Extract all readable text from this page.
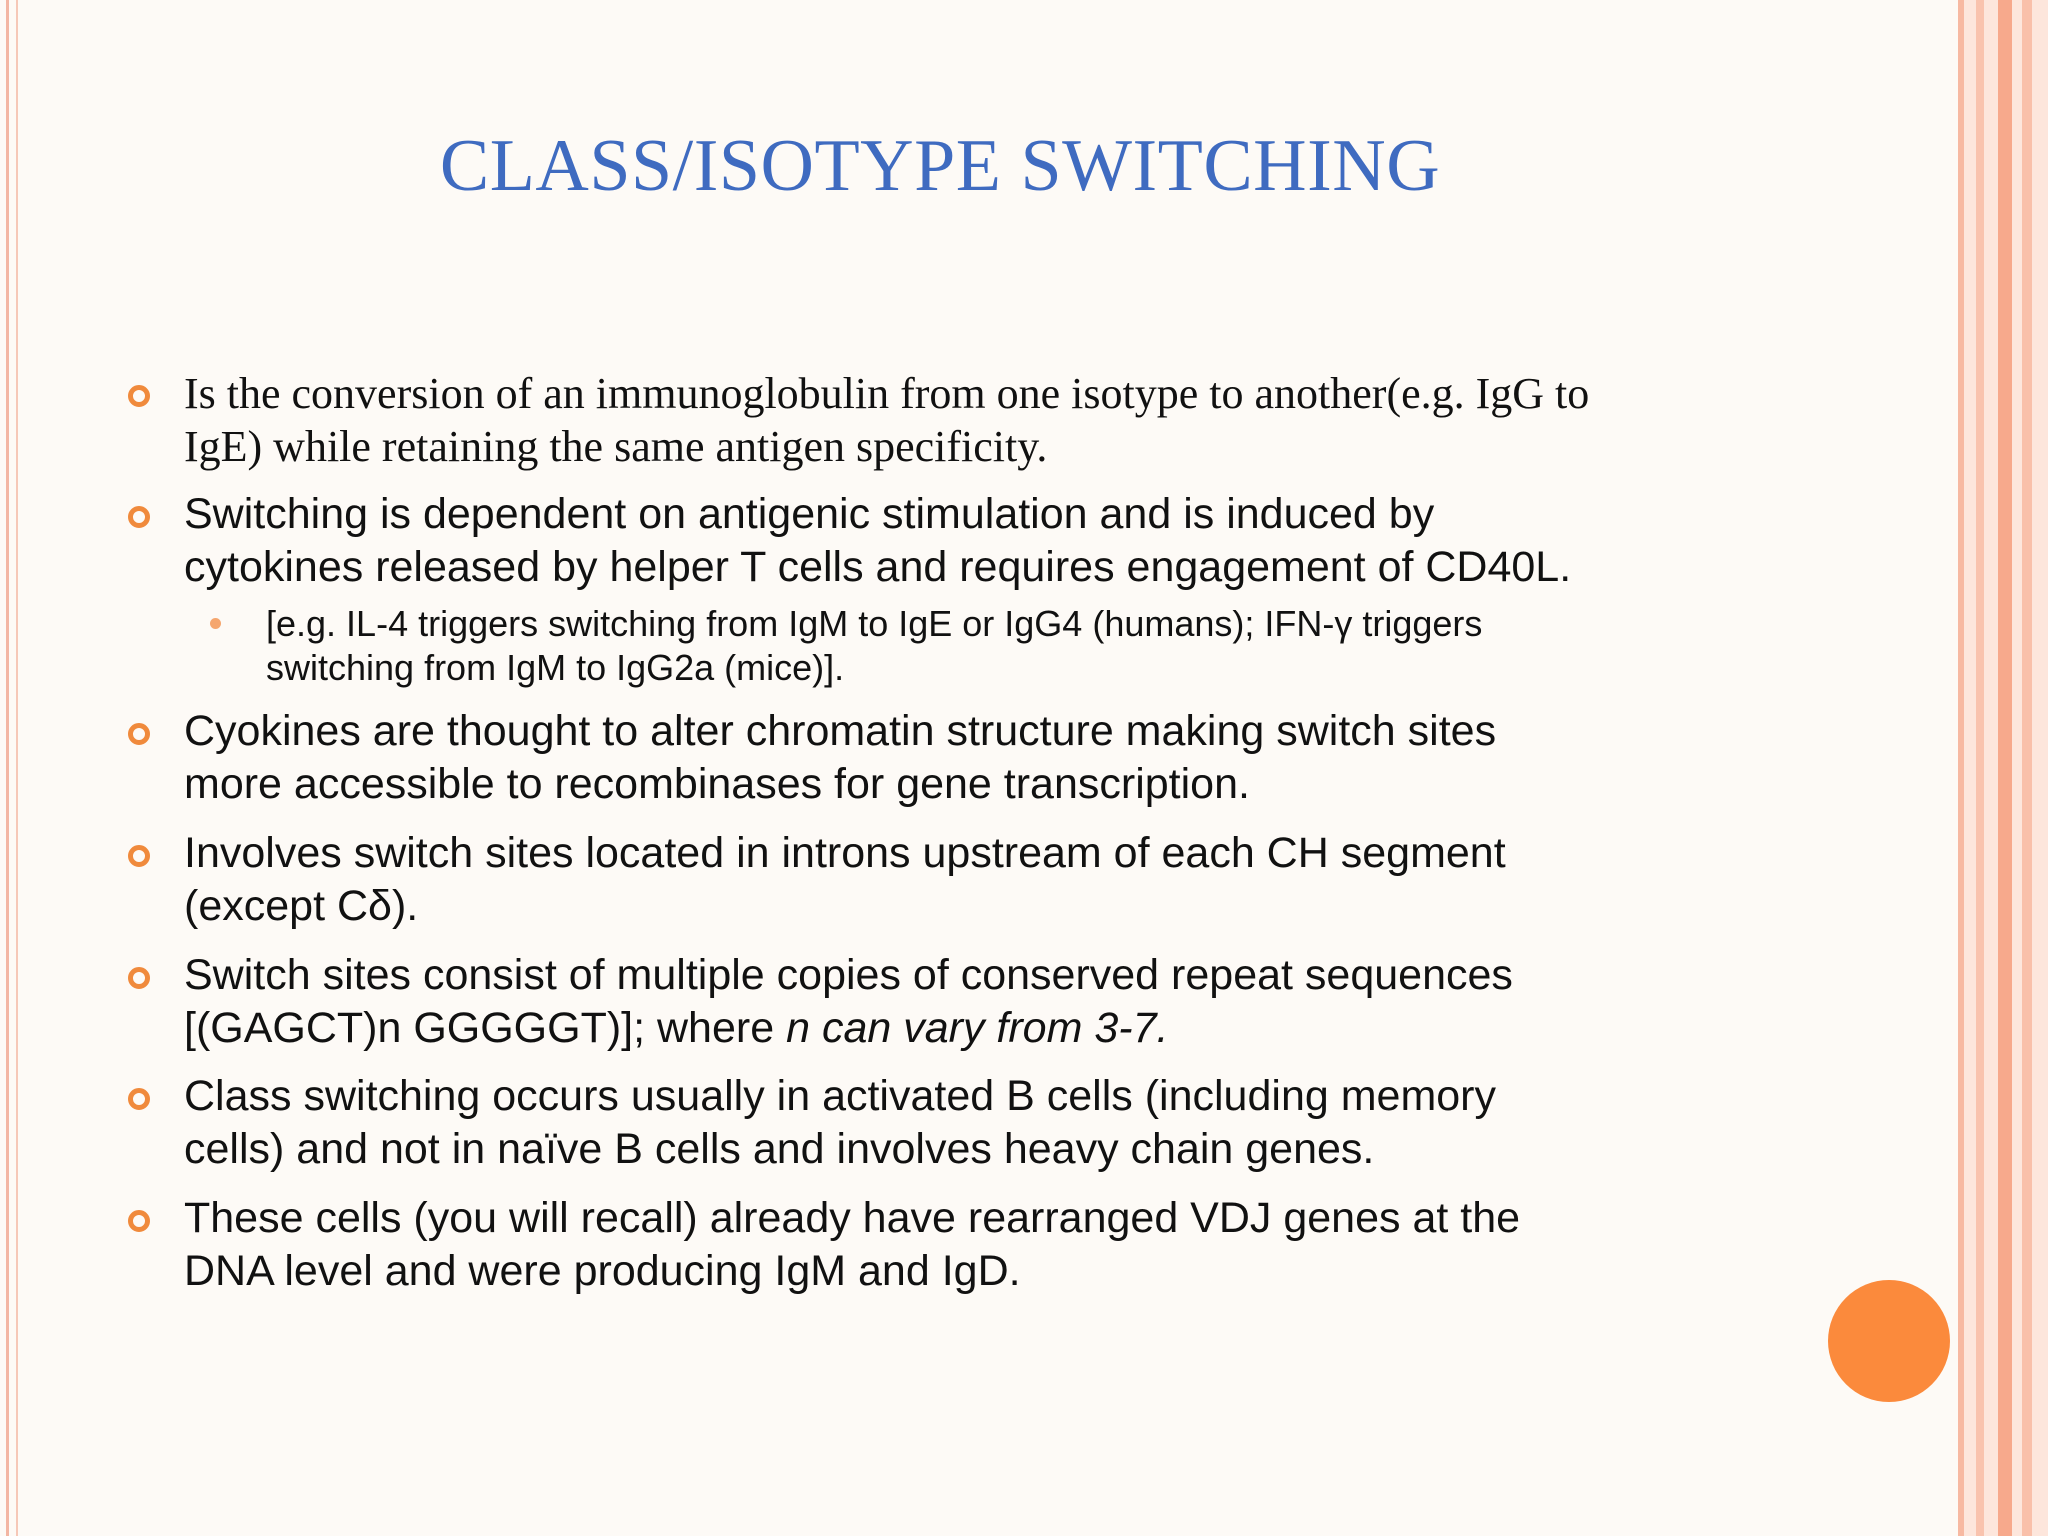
CLASS/ISOTYPE SWITCHING
Is the conversion of an immunoglobulin from one isotype to another(e.g. IgG to
IgE) while retaining the same antigen specificity.
Switching is dependent on antigenic stimulation and is induced by
cytokines released by helper T cells and requires engagement of CD40L.
[e.g. IL-4 triggers switching from IgM to IgE or IgG4 (humans); IFN-γ triggers
switching from IgM to IgG2a (mice)].
Cyokines are thought to alter chromatin structure making switch sites
more accessible to recombinases for gene transcription.
Involves switch sites located in introns upstream of each CH segment
(except Cδ).
Switch sites consist of multiple copies of conserved repeat sequences
[(GAGCT)n GGGGGT)]; where n can vary from 3-7.
Class switching occurs usually in activated B cells (including memory
cells) and not in naïve B cells and involves heavy chain genes.
These cells (you will recall) already have rearranged VDJ genes at the
DNA level and were producing IgM and IgD.
